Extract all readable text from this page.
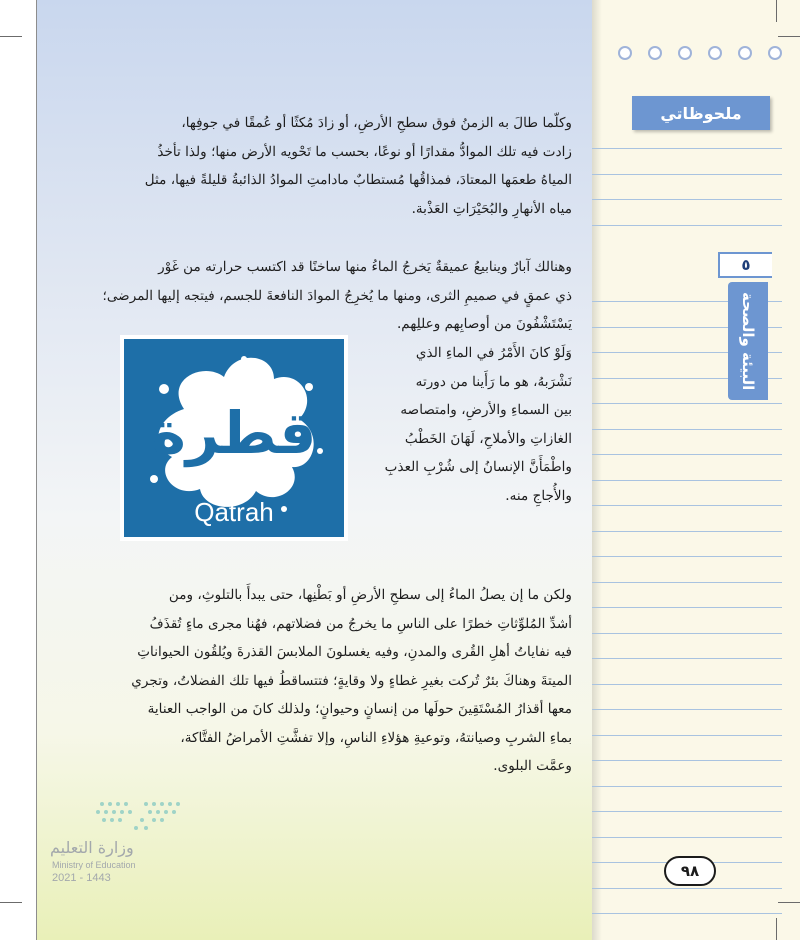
ملحوظاتي
٥
البيئة والصحة
٩٨
وكلّما طالَ به الزمنُ فوق سطحِ الأرضِ، أو زادَ مُكثًا أو عُمقًا في جوفِها،
زادت فيه تلك الموادُّ مقدارًا أو نوعًا، بحسب ما تَحْويه الأرض منها؛ ولذا تأخذُ
المياهُ طعمَها المعتادَ، فمذاقُها مُستطابٌ مادامتِ الموادُ الذائبةُ قليلةً فيها، مثل
مياه الأنهارِ والبُحَيْرَاتِ العَذْبة.
وهنالك آبارٌ وينابيعُ عميقةٌ يَخرجُ الماءُ منها ساخنًا قد اكتسب حرارته من غَوْر
ذي عمقٍ في صميمِ الثرى، ومنها ما يُخرِجُ الموادَ النافعةَ للجسم، فيتجه إليها المرضى؛
يَسْتَشْفُونَ من أوصابِهم وعللِهم.
قطرة
Qatrah
وَلَوْ كانَ الأَمْرُ في الماءِ الذي
نَشْرَبهُ، هو ما رَأَينا من دورته
بين السماءِ والأرضِ، وامتصاصه
الغازاتِ والأملاحِ، لَهَانَ الخَطْبُ
واطْمَأَنَّ الإنسانُ إلى شُرْبِ العذبِ
والأُجاجِ منه.
ولكن ما إن يصلُ الماءُ إلى سطحِ الأرضِ أو بَطْنِها، حتى يبدأَ بالتلوثِ، ومن
أشدِّ المُلوِّثاتِ خطرًا على الناسِ ما يخرجُ من فضلاتهم، فهُنا مجرى ماءٍ تُقذَفُ
فيه نفاياتُ أهلِ القُرى والمدنِ، وفيه يغسلونَ الملابسَ القذرةَ ويُلقُون الحيواناتِ
الميتةَ وهناكَ بئرٌ تُركت بغيرِ غطاءٍ ولا وقايةٍ؛ فتتساقطُ فيها تلك الفضلاتُ، وتجري
معها أقذارُ المُسْتَقِينَ حولَها من إنسانٍ وحيوانٍ؛ ولذلك كانَ من الواجب العناية
بماءِ الشربِ وصيانتهُ، وتوعيةِ هؤلاءِ الناسِ، وإلا تفشَّتِ الأمراضُ الفتَّاكة،
وعمَّت البلوى.
وزارة التعليم
Ministry of Education
2021 - 1443
